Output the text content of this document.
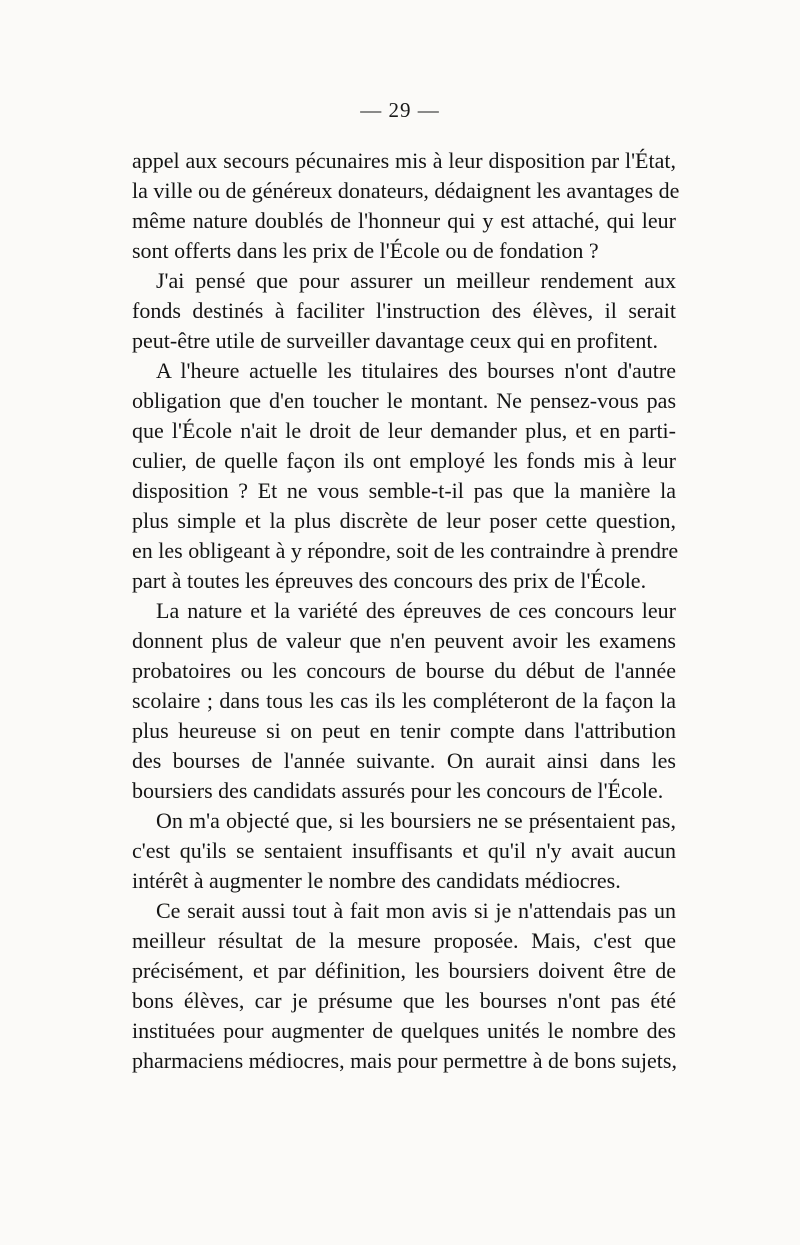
— 29 —
appel aux secours pécunaires mis à leur disposition par l'État,
la ville ou de généreux donateurs, dédaignent les avantages de
même nature doublés de l'honneur qui y est attaché, qui leur
sont offerts dans les prix de l'École ou de fondation ?
J'ai pensé que pour assurer un meilleur rendement aux
fonds destinés à faciliter l'instruction des élèves, il serait
peut-être utile de surveiller davantage ceux qui en profitent.
A l'heure actuelle les titulaires des bourses n'ont d'autre
obligation que d'en toucher le montant. Ne pensez-vous pas
que l'École n'ait le droit de leur demander plus, et en parti-
culier, de quelle façon ils ont employé les fonds mis à leur
disposition ? Et ne vous semble-t-il pas que la manière la
plus simple et la plus discrète de leur poser cette question,
en les obligeant à y répondre, soit de les contraindre à prendre
part à toutes les épreuves des concours des prix de l'École.
La nature et la variété des épreuves de ces concours leur
donnent plus de valeur que n'en peuvent avoir les examens
probatoires ou les concours de bourse du début de l'année
scolaire ; dans tous les cas ils les compléteront de la façon la
plus heureuse si on peut en tenir compte dans l'attribution
des bourses de l'année suivante. On aurait ainsi dans les
boursiers des candidats assurés pour les concours de l'École.
On m'a objecté que, si les boursiers ne se présentaient pas,
c'est qu'ils se sentaient insuffisants et qu'il n'y avait aucun
intérêt à augmenter le nombre des candidats médiocres.
Ce serait aussi tout à fait mon avis si je n'attendais pas un
meilleur résultat de la mesure proposée. Mais, c'est que
précisément, et par définition, les boursiers doivent être de
bons élèves, car je présume que les bourses n'ont pas été
instituées pour augmenter de quelques unités le nombre des
pharmaciens médiocres, mais pour permettre à de bons sujets,
